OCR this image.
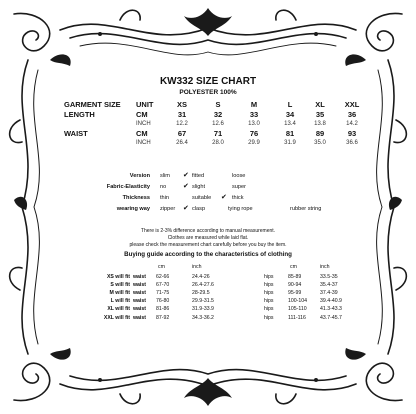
KW332 SIZE CHART
POLYESTER 100%
GARMENT SIZE UNIT	XS	S	M	L	XL	XXL
LENGTH	CM	31	32	33	34	35	36
INCH	12.2	12.6	13.0	13.4	13.8	14.2
WAIST	CM	67	71	76	81	89	93
INCH	26.4	28.0	29.9	31.9	35.0	36.6
Version slim ✔ fitted	loose
Fabric-Elasticity no ✔ slight	super
Thickness thin	suitable ✔ thick
wearing way zipper ✔ clasp	tying rope	rubber string
There is 2-3% difference according to manual measurement.
Clothes are measured while laid flat.
please check the measurement chart carefully before you buy the item.
Buying guide according to the characteristics of clothing
cm	inch	cm	inch
XS will fit waist 62-66	24.4-26	hips	85-89	33.5-35
S will fit waist 67-70	26.4-27.6	hips	90-94	35.4-37
M will fit waist 71-75	28-29.5	hips	95-99	37.4-39
L will fit waist 76-80	29.9-31.5	hips	100-104 39.4-40.9
XL will fit waist 81-86	31.9-33.9	hips	105-110	41.3-43.3
XXL will fit waist 87-92	34.3-36.2	hips	111-116	43.7-45.7
